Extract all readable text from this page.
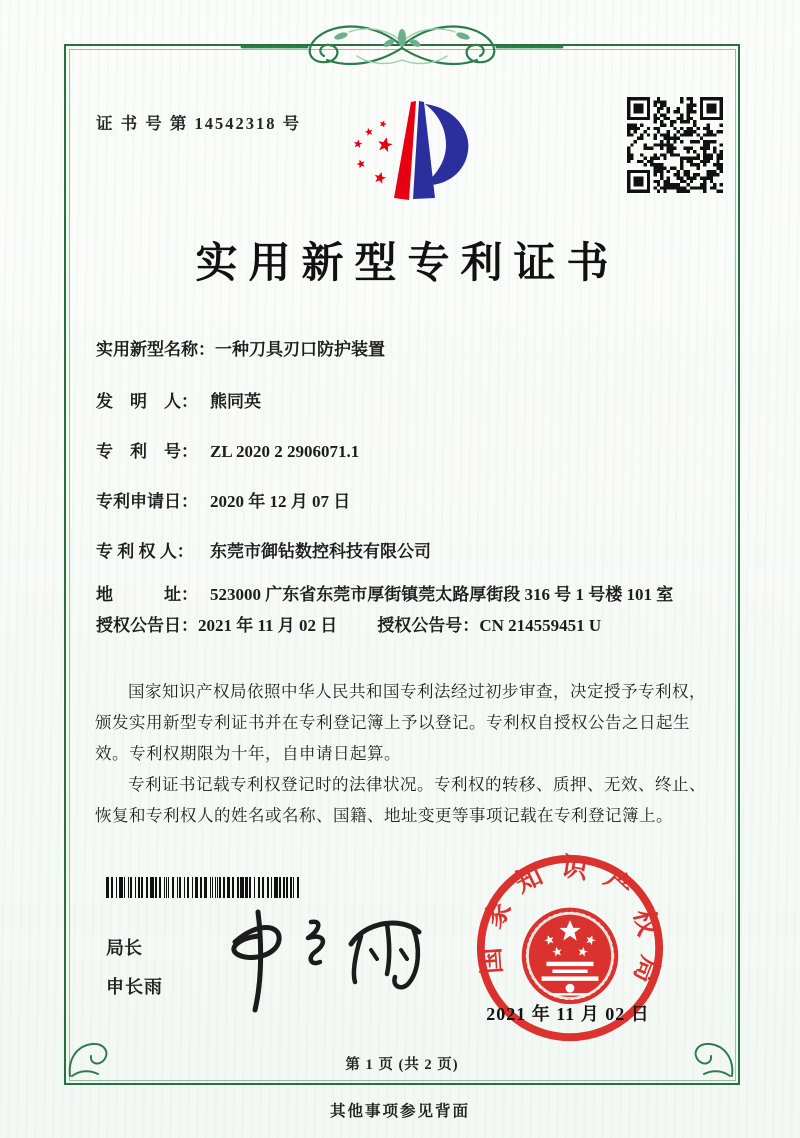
证 书 号 第 14542318 号
实用新型专利证书
实用新型名称： 一种刀具刃口防护装置
发　明　人： 熊同英
专　利　号： ZL 2020 2 2906071.1
专利申请日： 2020 年 12 月 07 日
专 利 权 人： 东莞市御钻数控科技有限公司
地　　　址： 523000 广东省东莞市厚街镇莞太路厚街段 316 号 1 号楼 101 室
授权公告日： 2021 年 11 月 02 日 授权公告号： CN 214559451 U

国家知识产权局依照中华人民共和国专利法经过初步审查，决定授予专利权，颁发实用新型专利证书并在专利登记簿上予以登记。专利权自授权公告之日起生效。专利权期限为十年，自申请日起算。

专利证书记载专利权登记时的法律状况。专利权的转移、质押、无效、终止、恢复和专利权人的姓名或名称、国籍、地址变更等事项记载在专利登记簿上。

局长
申长雨
国家知识产权局
2021 年 11 月 02 日
第 1 页 (共 2 页)
其他事项参见背面
